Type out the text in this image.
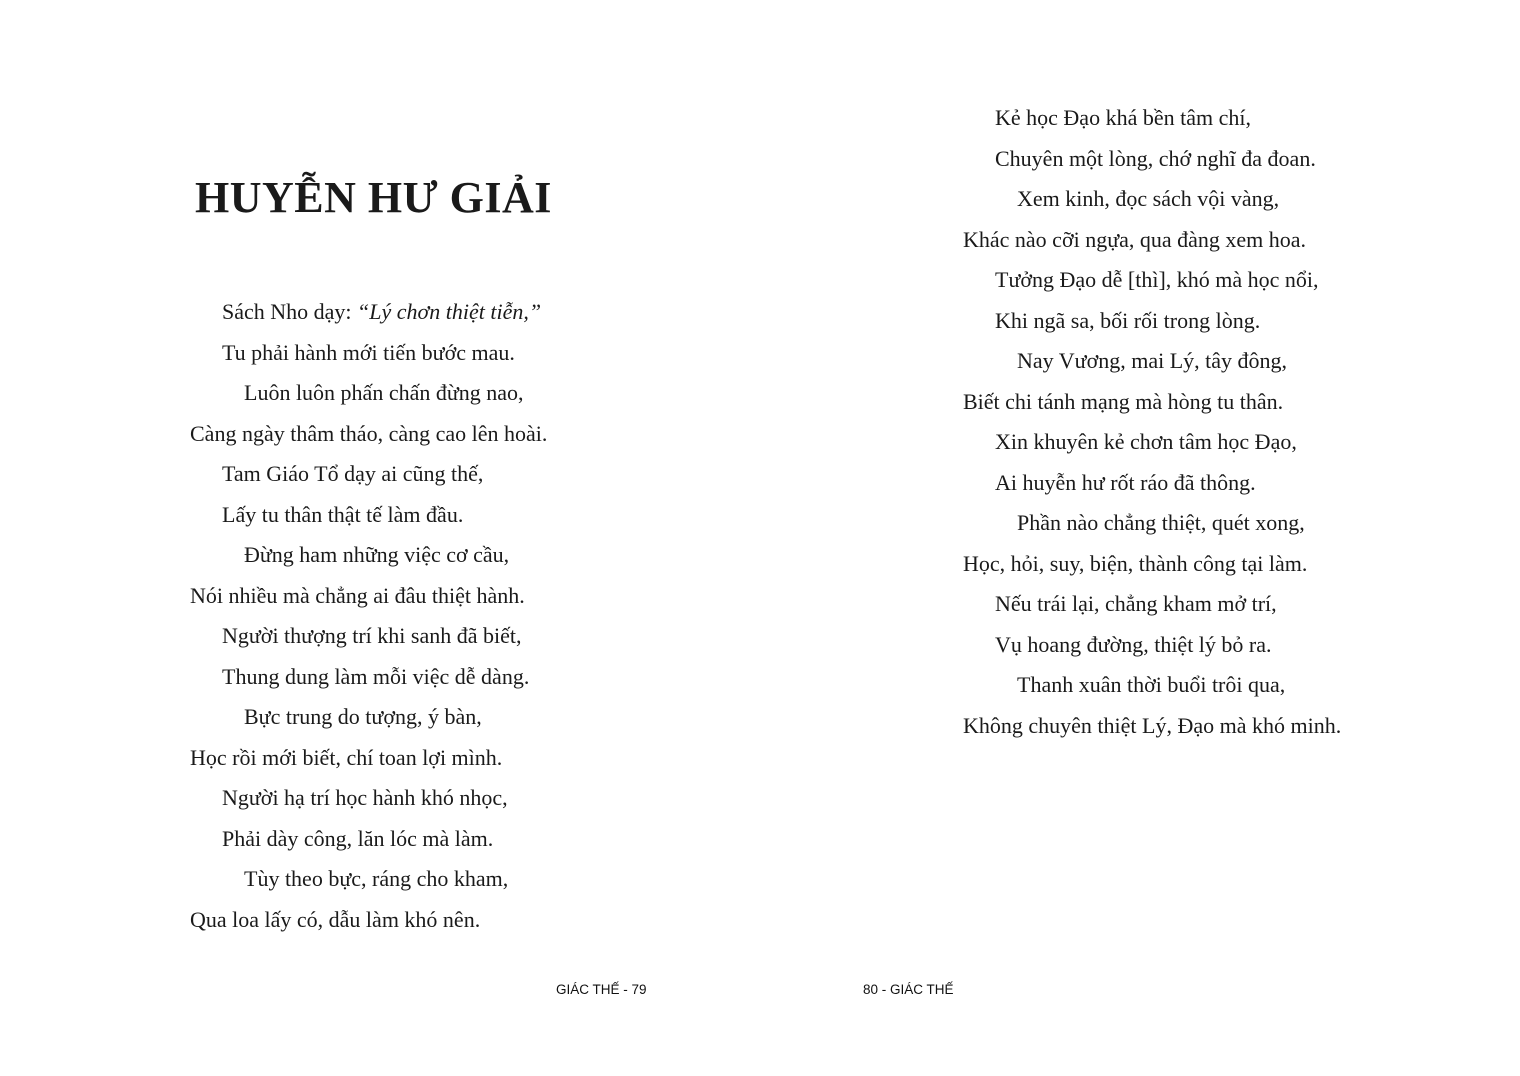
HUYỄN HƯ GIẢI
Sách Nho dạy: “Lý chơn thiệt tiễn,”
Tu phải hành mới tiến bước mau.
Luôn luôn phấn chấn đừng nao,
Càng ngày thâm tháo, càng cao lên hoài.
Tam Giáo Tổ dạy ai cũng thế,
Lấy tu thân thật tế làm đầu.
Đừng ham những việc cơ cầu,
Nói nhiều mà chẳng ai đâu thiệt hành.
Người thượng trí khi sanh đã biết,
Thung dung làm mỗi việc dễ dàng.
Bực trung do tượng, ý bàn,
Học rồi mới biết, chí toan lợi mình.
Người hạ trí học hành khó nhọc,
Phải dày công, lăn lóc mà làm.
Tùy theo bực, ráng cho kham,
Qua loa lấy có, dẫu làm khó nên.
GIÁC THẾ - 79
Kẻ học Đạo khá bền tâm chí,
Chuyên một lòng, chớ nghĩ đa đoan.
Xem kinh, đọc sách vội vàng,
Khác nào cỡi ngựa, qua đàng xem hoa.
Tưởng Đạo dễ [thì], khó mà học nổi,
Khi ngã sa, bối rối trong lòng.
Nay Vương, mai Lý, tây đông,
Biết chi tánh mạng mà hòng tu thân.
Xin khuyên kẻ chơn tâm học Đạo,
Ai huyễn hư rốt ráo đã thông.
Phần nào chẳng thiệt, quét xong,
Học, hỏi, suy, biện, thành công tại làm.
Nếu trái lại, chẳng kham mở trí,
Vụ hoang đường, thiệt lý bỏ ra.
Thanh xuân thời buổi trôi qua,
Không chuyên thiệt Lý, Đạo mà khó minh.
80 - GIÁC THẾ
